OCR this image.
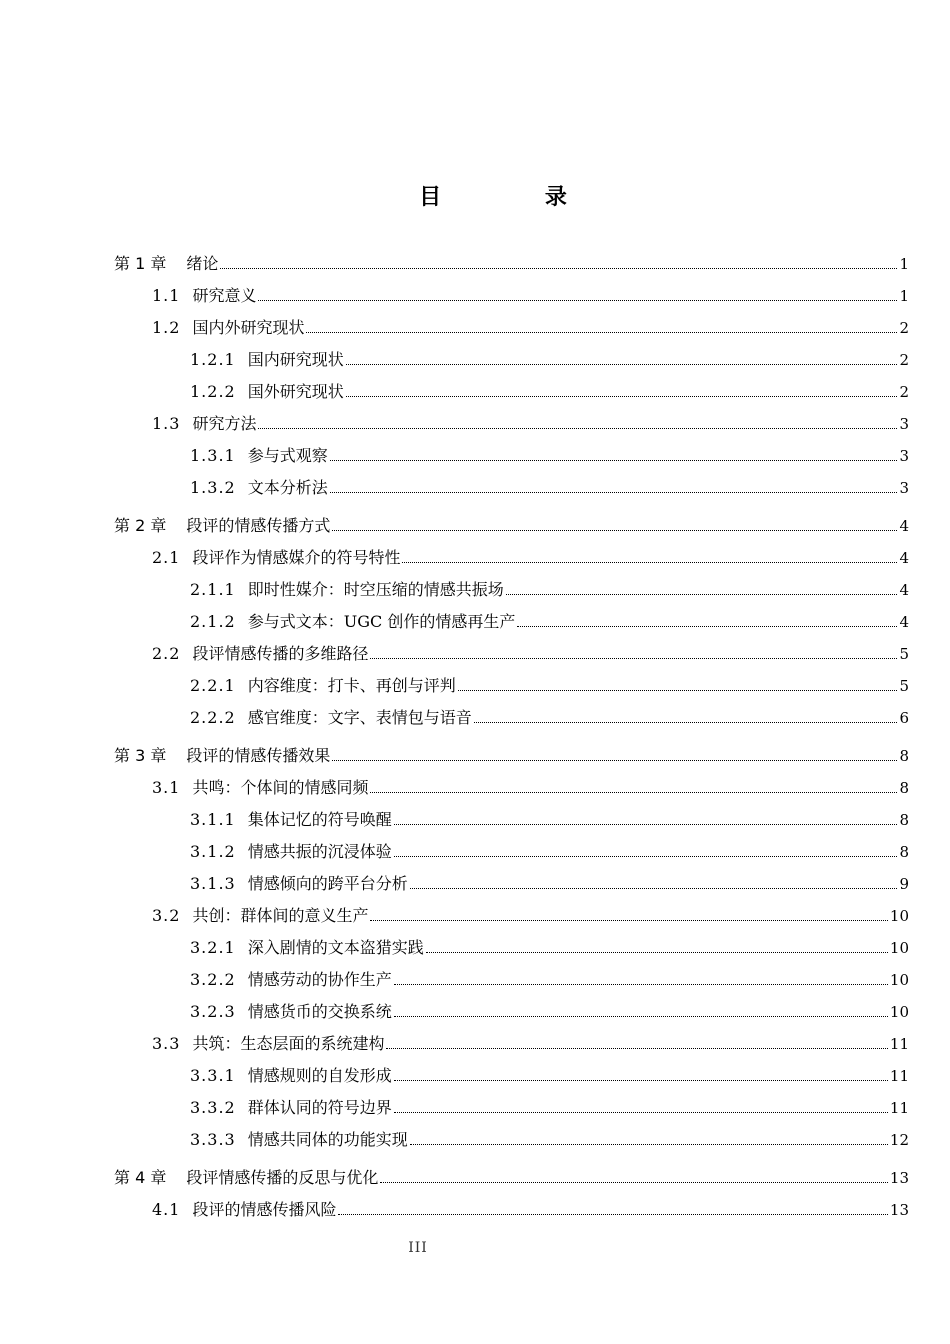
目 录
第 1 章 绪论	1
1.1 研究意义	1
1.2 国内外研究现状	2
1.2.1 国内研究现状	2
1.2.2 国外研究现状	2
1.3 研究方法	3
1.3.1 参与式观察	3
1.3.2 文本分析法	3
第 2 章 段评的情感传播方式	4
2.1 段评作为情感媒介的符号特性	4
2.1.1 即时性媒介：时空压缩的情感共振场	4
2.1.2 参与式文本：UGC 创作的情感再生产	4
2.2 段评情感传播的多维路径	5
2.2.1 内容维度：打卡、再创与评判	5
2.2.2 感官维度：文字、表情包与语音	6
第 3 章 段评的情感传播效果	8
3.1 共鸣：个体间的情感同频	8
3.1.1 集体记忆的符号唤醒	8
3.1.2 情感共振的沉浸体验	8
3.1.3 情感倾向的跨平台分析	9
3.2 共创：群体间的意义生产	10
3.2.1 深入剧情的文本盗猎实践	10
3.2.2 情感劳动的协作生产	10
3.2.3 情感货币的交换系统	10
3.3 共筑：生态层面的系统建构	11
3.3.1 情感规则的自发形成	11
3.3.2 群体认同的符号边界	11
3.3.3 情感共同体的功能实现	12
第 4 章 段评情感传播的反思与优化	13
4.1 段评的情感传播风险	13
III
